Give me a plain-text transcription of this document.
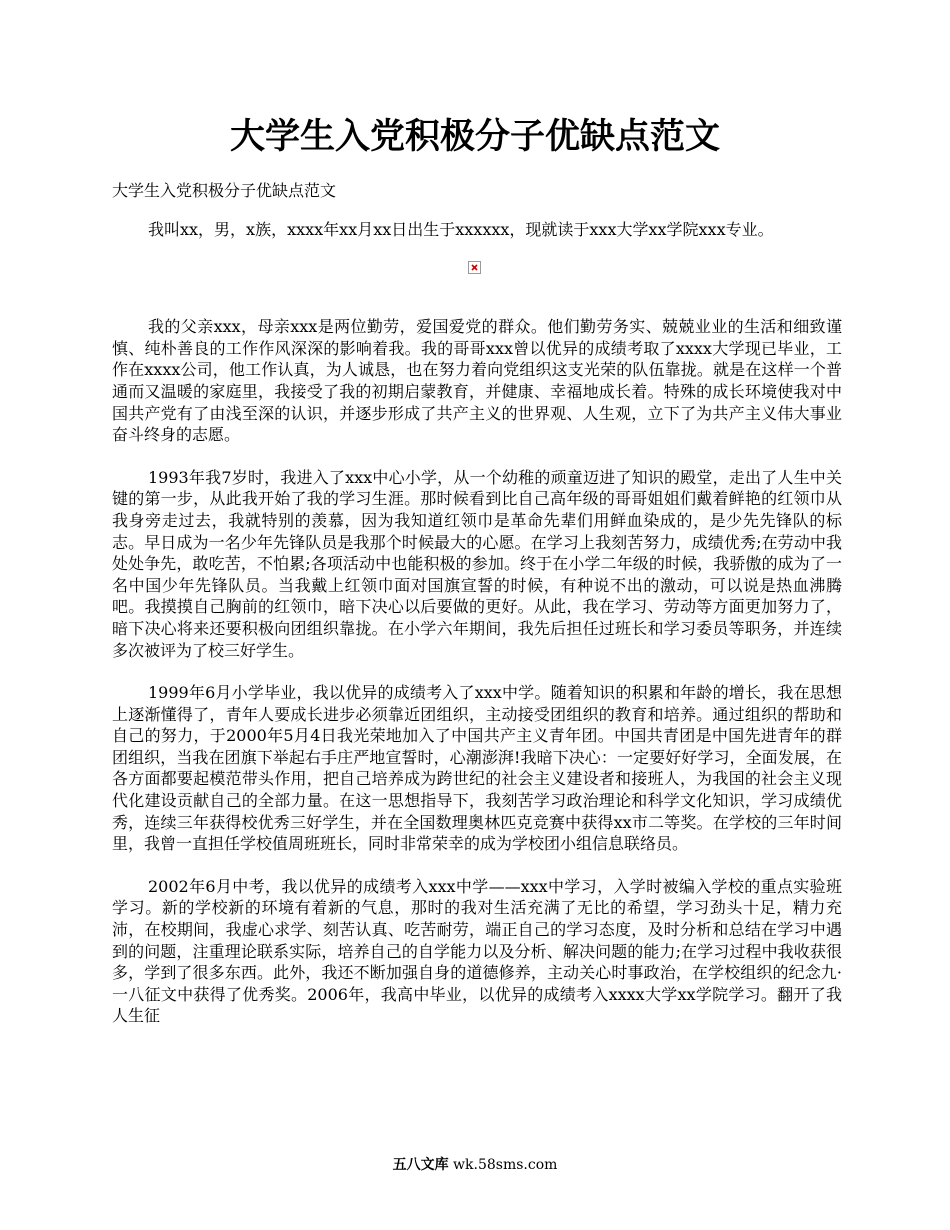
大学生入党积极分子优缺点范文

大学生入党积极分子优缺点范文

我叫xx，男，x族，xxxx年xx月xx日出生于xxxxxx，现就读于xxx大学xx学院xxx专业。

我的父亲xxx，母亲xxx是两位勤劳，爱国爱党的群众。他们勤劳务实、兢兢业业的生活和细致谨慎、纯朴善良的工作作风深深的影响着我。我的哥哥xxx曾以优异的成绩考取了xxxx大学现已毕业，工作在xxxx公司，他工作认真，为人诚恳，也在努力着向党组织这支光荣的队伍靠拢。就是在这样一个普通而又温暖的家庭里，我接受了我的初期启蒙教育，并健康、幸福地成长着。特殊的成长环境使我对中国共产党有了由浅至深的认识，并逐步形成了共产主义的世界观、人生观，立下了为共产主义伟大事业奋斗终身的志愿。

1993年我7岁时，我进入了xxx中心小学，从一个幼稚的顽童迈进了知识的殿堂，走出了人生中关键的第一步，从此我开始了我的学习生涯。那时候看到比自己高年级的哥哥姐姐们戴着鲜艳的红领巾从我身旁走过去，我就特别的羡慕，因为我知道红领巾是革命先辈们用鲜血染成的，是少先先锋队的标志。早日成为一名少年先锋队员是我那个时候最大的心愿。在学习上我刻苦努力，成绩优秀;在劳动中我处处争先，敢吃苦，不怕累;各项活动中也能积极的参加。终于在小学二年级的时候，我骄傲的成为了一名中国少年先锋队员。当我戴上红领巾面对国旗宣誓的时候，有种说不出的激动，可以说是热血沸腾吧。我摸摸自己胸前的红领巾，暗下决心以后要做的更好。从此，我在学习、劳动等方面更加努力了，暗下决心将来还要积极向团组织靠拢。在小学六年期间，我先后担任过班长和学习委员等职务，并连续多次被评为了校三好学生。

1999年6月小学毕业，我以优异的成绩考入了xxx中学。随着知识的积累和年龄的增长，我在思想上逐渐懂得了，青年人要成长进步必须靠近团组织，主动接受团组织的教育和培养。通过组织的帮助和自己的努力，于2000年5月4日我光荣地加入了中国共产主义青年团。中国共青团是中国先进青年的群团组织，当我在团旗下举起右手庄严地宣誓时，心潮澎湃!我暗下决心：一定要好好学习，全面发展，在各方面都要起模范带头作用，把自己培养成为跨世纪的社会主义建设者和接班人，为我国的社会主义现代化建设贡献自己的全部力量。在这一思想指导下，我刻苦学习政治理论和科学文化知识，学习成绩优秀，连续三年获得校优秀三好学生，并在全国数理奥林匹克竞赛中获得xx市二等奖。在学校的三年时间里，我曾一直担任学校值周班班长，同时非常荣幸的成为学校团小组信息联络员。

2002年6月中考，我以优异的成绩考入xxx中学——xxx中学习，入学时被编入学校的重点实验班学习。新的学校新的环境有着新的气息，那时的我对生活充满了无比的希望，学习劲头十足，精力充沛，在校期间，我虚心求学、刻苦认真、吃苦耐劳，端正自己的学习态度，及时分析和总结在学习中遇到的问题，注重理论联系实际，培养自己的自学能力以及分析、解决问题的能力;在学习过程中我收获很多，学到了很多东西。此外，我还不断加强自身的道德修养，主动关心时事政治，在学校组织的纪念九·一八征文中获得了优秀奖。2006年，我高中毕业，以优异的成绩考入xxxx大学xx学院学习。翻开了我人生征

五八文库 wk.58sms.com
